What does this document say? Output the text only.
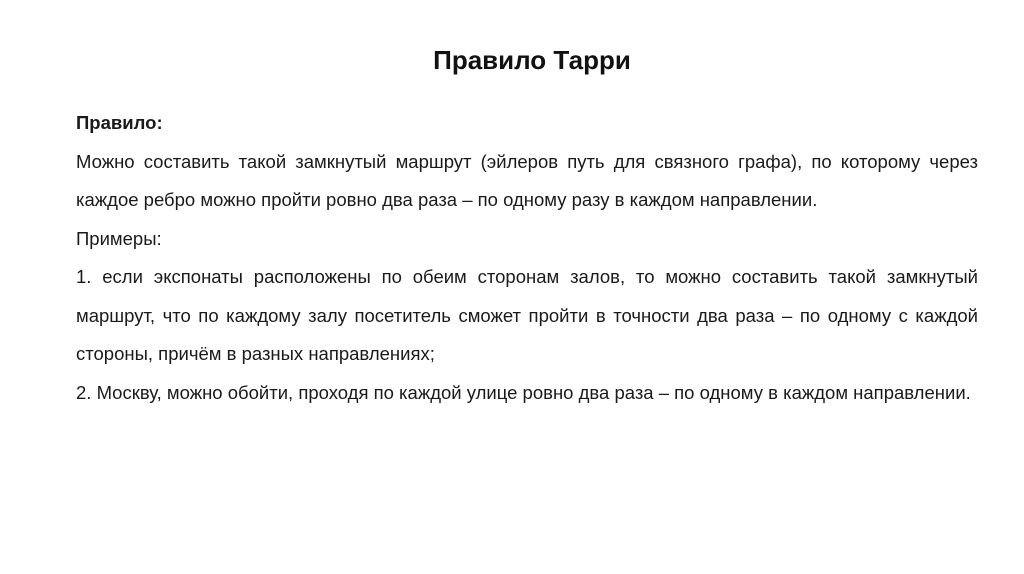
Правило Тарри

Правило:

Можно составить такой замкнутый маршрут (эйлеров путь для связного графа), по которому через каждое ребро можно пройти ровно два раза – по одному разу в каждом направлении.

Примеры:

1. если экспонаты расположены по обеим сторонам залов, то можно составить такой замкнутый маршрут, что по каждому залу посетитель сможет пройти в точности два раза – по одному с каждой стороны, причём в разных направлениях;

2. Москву, можно обойти, проходя по каждой улице ровно два раза – по одному в каждом направлении.
